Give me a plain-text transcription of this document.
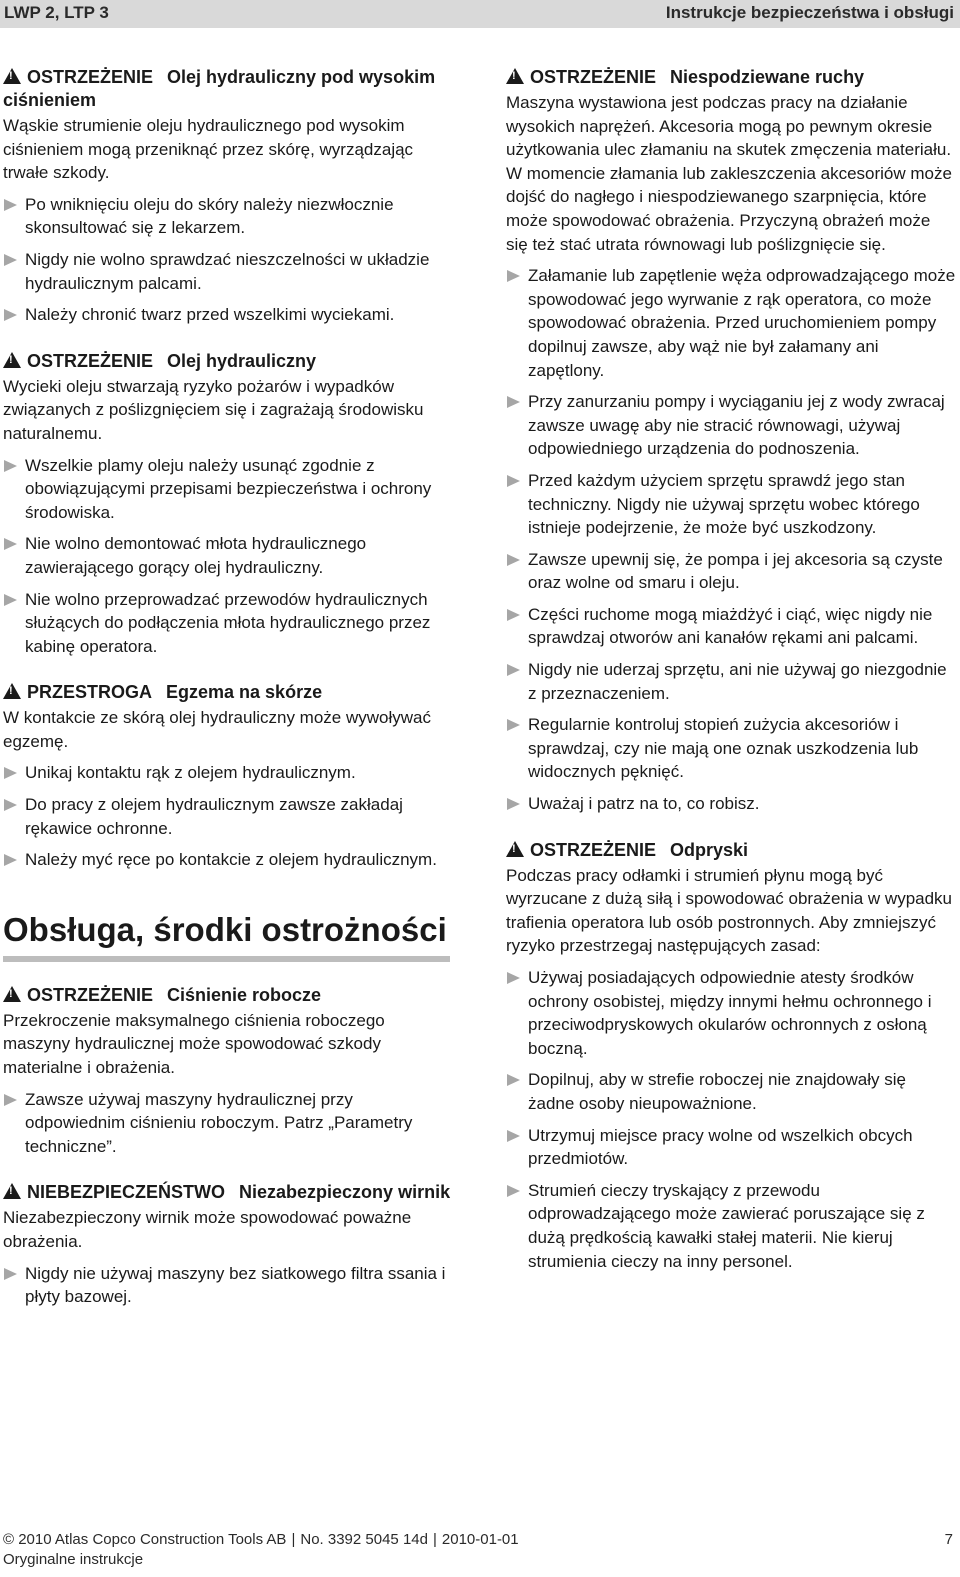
LWP 2, LTP 3	Instrukcje bezpieczeństwa i obsługi
!OSTRZEŻENIE Olej hydrauliczny pod wysokim ciśnieniem

Wąskie strumienie oleju hydraulicznego pod wysokim ciśnieniem mogą przeniknąć przez skórę, wyrządzając trwałe szkody.

Po wniknięciu oleju do skóry należy niezwłocznie skonsultować się z lekarzem.

Nigdy nie wolno sprawdzać nieszczelności w układzie hydraulicznym palcami.

Należy chronić twarz przed wszelkimi wyciekami.

!OSTRZEŻENIE Olej hydrauliczny

Wycieki oleju stwarzają ryzyko pożarów i wypadków związanych z poślizgnięciem się i zagrażają środowisku naturalnemu.

Wszelkie plamy oleju należy usunąć zgodnie z obowiązującymi przepisami bezpieczeństwa i ochrony środowiska.

Nie wolno demontować młota hydraulicznego zawierającego gorący olej hydrauliczny.

Nie wolno przeprowadzać przewodów hydraulicznych służących do podłączenia młota hydraulicznego przez kabinę operatora.

!PRZESTROGA Egzema na skórze

W kontakcie ze skórą olej hydrauliczny może wywoływać egzemę.

Unikaj kontaktu rąk z olejem hydraulicznym.

Do pracy z olejem hydraulicznym zawsze zakładaj rękawice ochronne.

Należy myć ręce po kontakcie z olejem hydraulicznym.

Obsługa, środki ostrożności
!OSTRZEŻENIE Ciśnienie robocze

Przekroczenie maksymalnego ciśnienia roboczego maszyny hydraulicznej może spowodować szkody materialne i obrażenia.

Zawsze używaj maszyny hydraulicznej przy odpowiednim ciśnieniu roboczym. Patrz „Parametry techniczne”.

!NIEBEZPIECZEŃSTWO Niezabezpieczony wirnik

Niezabezpieczony wirnik może spowodować poważne obrażenia.

Nigdy nie używaj maszyny bez siatkowego filtra ssania i płyty bazowej.

!OSTRZEŻENIE Niespodziewane ruchy

Maszyna wystawiona jest podczas pracy na działanie wysokich naprężeń. Akcesoria mogą po pewnym okresie użytkowania ulec złamaniu na skutek zmęczenia materiału. W momencie złamania lub zakleszczenia akcesoriów może dojść do nagłego i niespodziewanego szarpnięcia, które może spowodować obrażenia. Przyczyną obrażeń może się też stać utrata równowagi lub poślizgnięcie się.

Załamanie lub zapętlenie węża odprowadzającego może spowodować jego wyrwanie z rąk operatora, co może spowodować obrażenia. Przed uruchomieniem pompy dopilnuj zawsze, aby wąż nie był załamany ani zapętlony.

Przy zanurzaniu pompy i wyciąganiu jej z wody zwracaj zawsze uwagę aby nie stracić równowagi, używaj odpowiedniego urządzenia do podnoszenia.

Przed każdym użyciem sprzętu sprawdź jego stan techniczny. Nigdy nie używaj sprzętu wobec którego istnieje podejrzenie, że może być uszkodzony.

Zawsze upewnij się, że pompa i jej akcesoria są czyste oraz wolne od smaru i oleju.

Części ruchome mogą miażdżyć i ciąć, więc nigdy nie sprawdzaj otworów ani kanałów rękami ani palcami.

Nigdy nie uderzaj sprzętu, ani nie używaj go niezgodnie z przeznaczeniem.

Regularnie kontroluj stopień zużycia akcesoriów i sprawdzaj, czy nie mają one oznak uszkodzenia lub widocznych pęknięć.

Uważaj i patrz na to, co robisz.

!OSTRZEŻENIE Odpryski

Podczas pracy odłamki i strumień płynu mogą być wyrzucane z dużą siłą i spowodować obrażenia w wypadku trafienia operatora lub osób postronnych. Aby zmniejszyć ryzyko przestrzegaj następujących zasad:

Używaj posiadających odpowiednie atesty środków ochrony osobistej, między innymi hełmu ochronnego i przeciwodpryskowych okularów ochronnych z osłoną boczną.

Dopilnuj, aby w strefie roboczej nie znajdowały się żadne osoby nieupoważnione.

Utrzymuj miejsce pracy wolne od wszelkich obcych przedmiotów.

Strumień cieczy tryskający z przewodu odprowadzającego może zawierać poruszające się z dużą prędkością kawałki stałej materii. Nie kieruj strumienia cieczy na inny personel.

© 2010 Atlas Copco Construction Tools AB | No. 3392 5045 14d | 2010-01-01
Oryginalne instrukcje
7
